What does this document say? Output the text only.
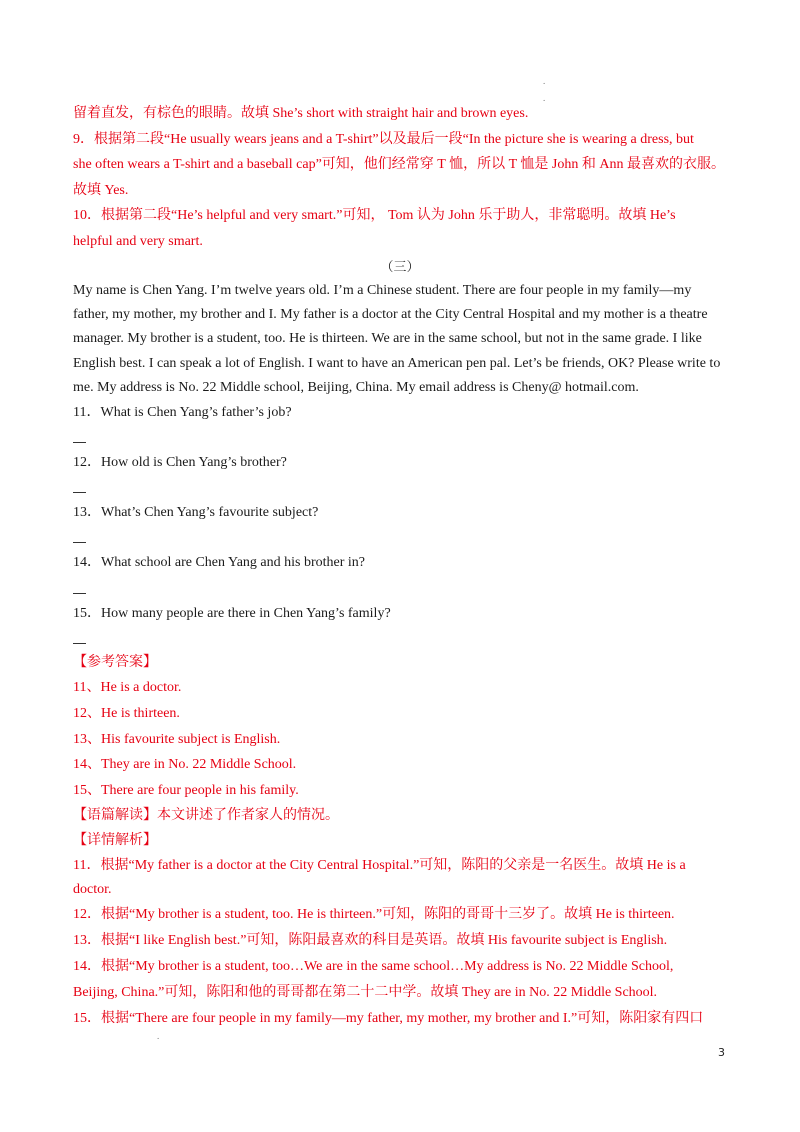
.
.
留着直发，有棕色的眼睛。故填 She’s short with straight hair and brown eyes.
9．根据第二段“He usually wears jeans and a T-shirt”以及最后一段“In the picture she is wearing a dress, but
she often wears a T-shirt and a baseball cap”可知，他们经常穿 T 恤，所以 T 恤是 John 和 Ann 最喜欢的衣服。
故填 Yes.
10．根据第二段“He’s helpful and very smart.”可知， Tom 认为 John 乐于助人，非常聪明。故填 He’s
helpful and very smart.
（三）
My name is Chen Yang. I’m twelve years old. I’m a Chinese student. There are four people in my family—my
father, my mother, my brother and I. My father is a doctor at the City Central Hospital and my mother is a theatre
manager. My brother is a student, too. He is thirteen. We are in the same school, but not in the same grade. I like
English best. I can speak a lot of English. I want to have an American pen pal. Let’s be friends, OK? Please write to
me. My address is No. 22 Middle school, Beijing, China. My email address is Cheny@ hotmail.com.
11．What is Chen Yang’s father’s job?
12．How old is Chen Yang’s brother?
13．What’s Chen Yang’s favourite subject?
14．What school are Chen Yang and his brother in?
15．How many people are there in Chen Yang’s family?
【参考答案】
11、He is a doctor.
12、He is thirteen.
13、His favourite subject is English.
14、They are in No. 22 Middle School.
15、There are four people in his family.
【语篇解读】本文讲述了作者家人的情况。
【详情解析】
11．根据“My father is a doctor at the City Central Hospital.”可知，陈阳的父亲是一名医生。故填 He is a
doctor.
12．根据“My brother is a student, too. He is thirteen.”可知，陈阳的哥哥十三岁了。故填 He is thirteen.
13．根据“I like English best.”可知，陈阳最喜欢的科目是英语。故填 His favourite subject is English.
14．根据“My brother is a student, too…We are in the same school…My address is No. 22 Middle School,
Beijing, China.”可知，陈阳和他的哥哥都在第二十二中学。故填 They are in No. 22 Middle School.
15．根据“There are four people in my family—my father, my mother, my brother and I.”可知，陈阳家有四口
.
3
